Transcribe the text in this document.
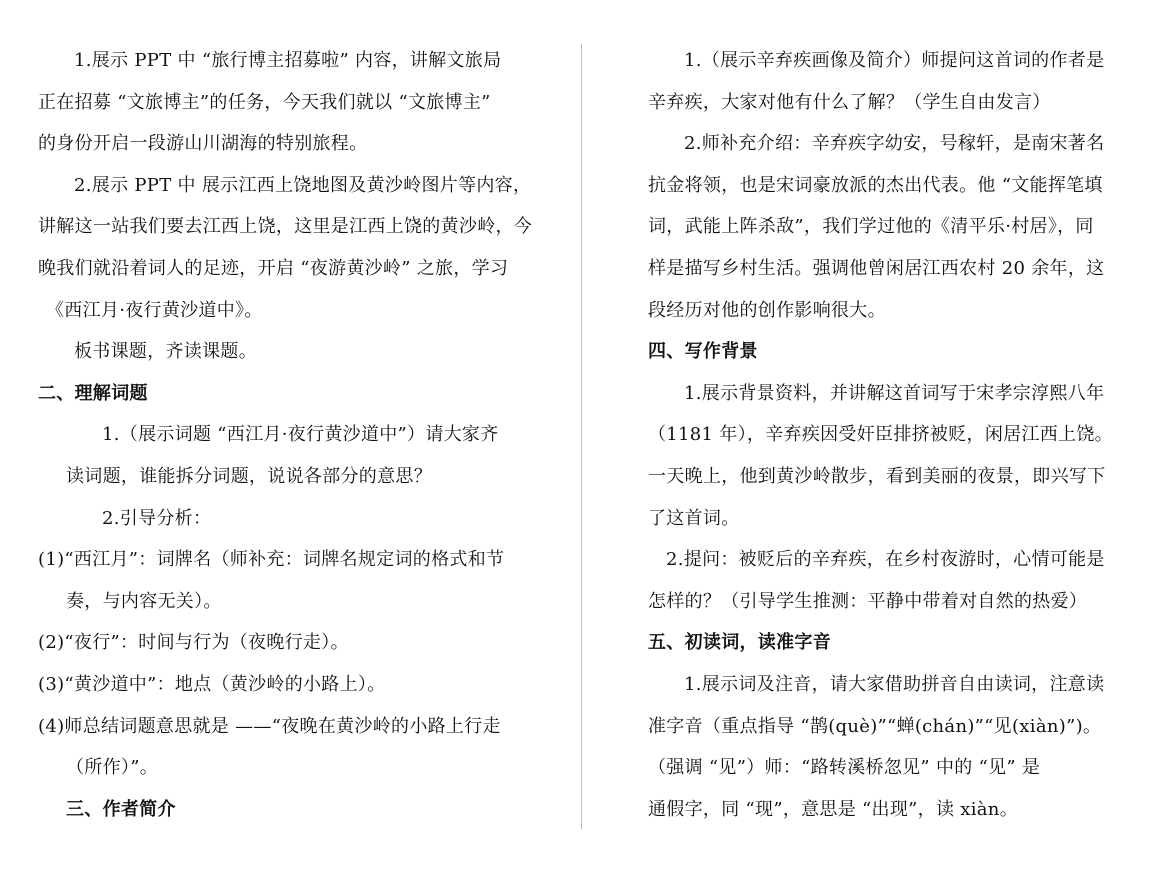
1.展示 PPT 中 “旅行博主招募啦” 内容，讲解文旅局
正在招募 “文旅博主”的任务，今天我们就以 “文旅博主”
的身份开启一段游山川湖海的特别旅程。
2.展示 PPT 中 展示江西上饶地图及黄沙岭图片等内容，
讲解这一站我们要去江西上饶，这里是江西上饶的黄沙岭，今
晚我们就沿着词人的足迹，开启 “夜游黄沙岭” 之旅，学习
《西江月·夜行黄沙道中》。
板书课题，齐读课题。
二、理解词题
1.（展示词题 “西江月·夜行黄沙道中”）请大家齐
读词题，谁能拆分词题，说说各部分的意思？
2.引导分析：
(1)“西江月”：词牌名（师补充：词牌名规定词的格式和节
奏，与内容无关）。
(2)“夜行”：时间与行为（夜晚行走）。
(3)“黄沙道中”：地点（黄沙岭的小路上）。
(4)师总结词题意思就是 ——“夜晚在黄沙岭的小路上行走
（所作）”。
三、作者简介
1.（展示辛弃疾画像及简介）师提问这首词的作者是
辛弃疾，大家对他有什么了解？（学生自由发言）
2.师补充介绍：辛弃疾字幼安，号稼轩，是南宋著名
抗金将领，也是宋词豪放派的杰出代表。他 “文能挥笔填
词，武能上阵杀敌”，我们学过他的《清平乐·村居》，同
样是描写乡村生活。强调他曾闲居江西农村 20 余年，这
段经历对他的创作影响很大。
四、写作背景
1.展示背景资料，并讲解这首词写于宋孝宗淳熙八年
（1181 年），辛弃疾因受奸臣排挤被贬，闲居江西上饶。
一天晚上，他到黄沙岭散步，看到美丽的夜景，即兴写下
了这首词。
2.提问：被贬后的辛弃疾，在乡村夜游时，心情可能是
怎样的？（引导学生推测：平静中带着对自然的热爱）
五、初读词，读准字音
1.展示词及注音，请大家借助拼音自由读词，注意读
准字音（重点指导 “鹊(què)”“蝉(chán)”“见(xiàn)”)。
（强调 “见”）师：“路转溪桥忽见” 中的 “见” 是
通假字，同 “现”，意思是 “出现”，读 xiàn。
